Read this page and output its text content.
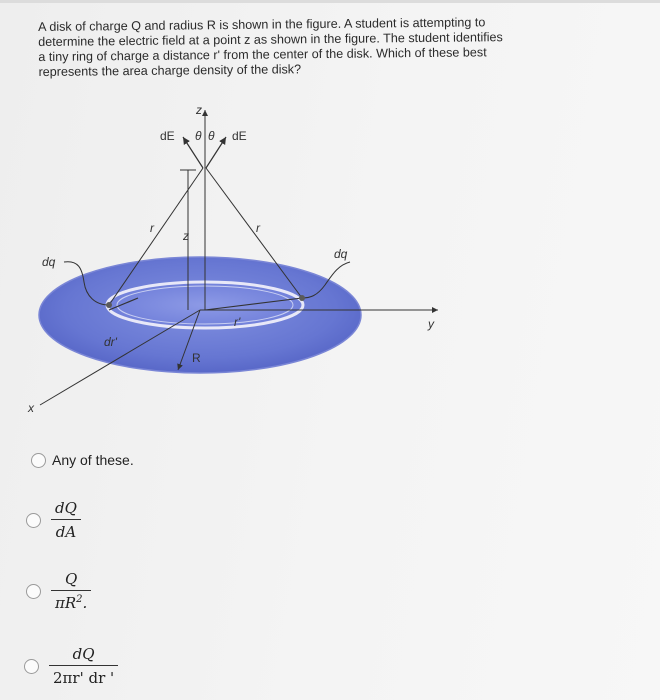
A disk of charge Q and radius R is shown in the figure. A student is attempting to

determine the electric field at a point z as shown in the figure. The student identifies

a tiny ring of charge a distance r' from the center of the disk. Which of these best

represents the area charge density of the disk?

z
y
x
dE	dE
θ θ
r	r
z
dq
dq
r'
dr'
R
Any of these.
$\frac{dQ}{dA}$
$\frac{Q}{\pi R^2.}$
$\frac{dQ}{2\pi r' dr '}$
